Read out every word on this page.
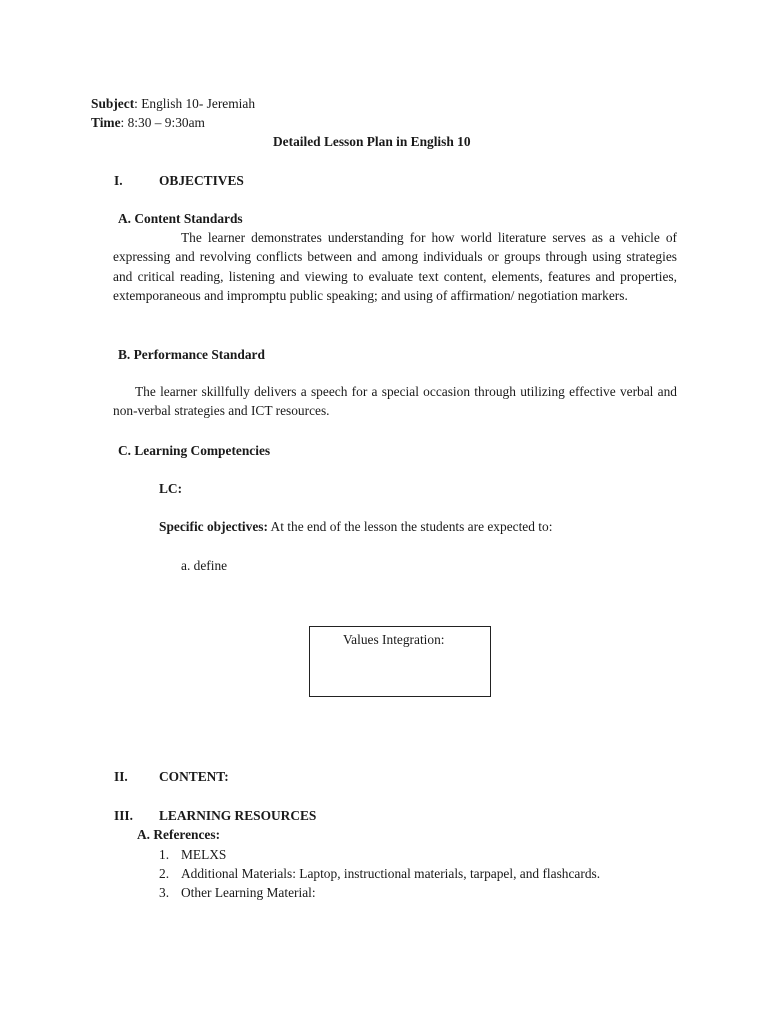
Subject: English 10- Jeremiah
Time: 8:30 – 9:30am
Detailed Lesson Plan in English 10
I.	OBJECTIVES
A. Content Standards
The learner demonstrates understanding for how world literature serves as a vehicle of expressing and revolving conflicts between and among individuals or groups through using strategies and critical reading, listening and viewing to evaluate text content, elements, features and properties, extemporaneous and impromptu public speaking; and using of affirmation/ negotiation markers.
B. Performance Standard
The learner skillfully delivers a speech for a special occasion through utilizing effective verbal and non-verbal strategies and ICT resources.
C. Learning Competencies
LC:
Specific objectives: At the end of the lesson the students are expected to:
a. define
Values Integration:
II. CONTENT:
III. LEARNING RESOURCES
A. References:
1. MELXS
2. Additional Materials: Laptop, instructional materials, tarpapel, and flashcards.
3. Other Learning Material:
